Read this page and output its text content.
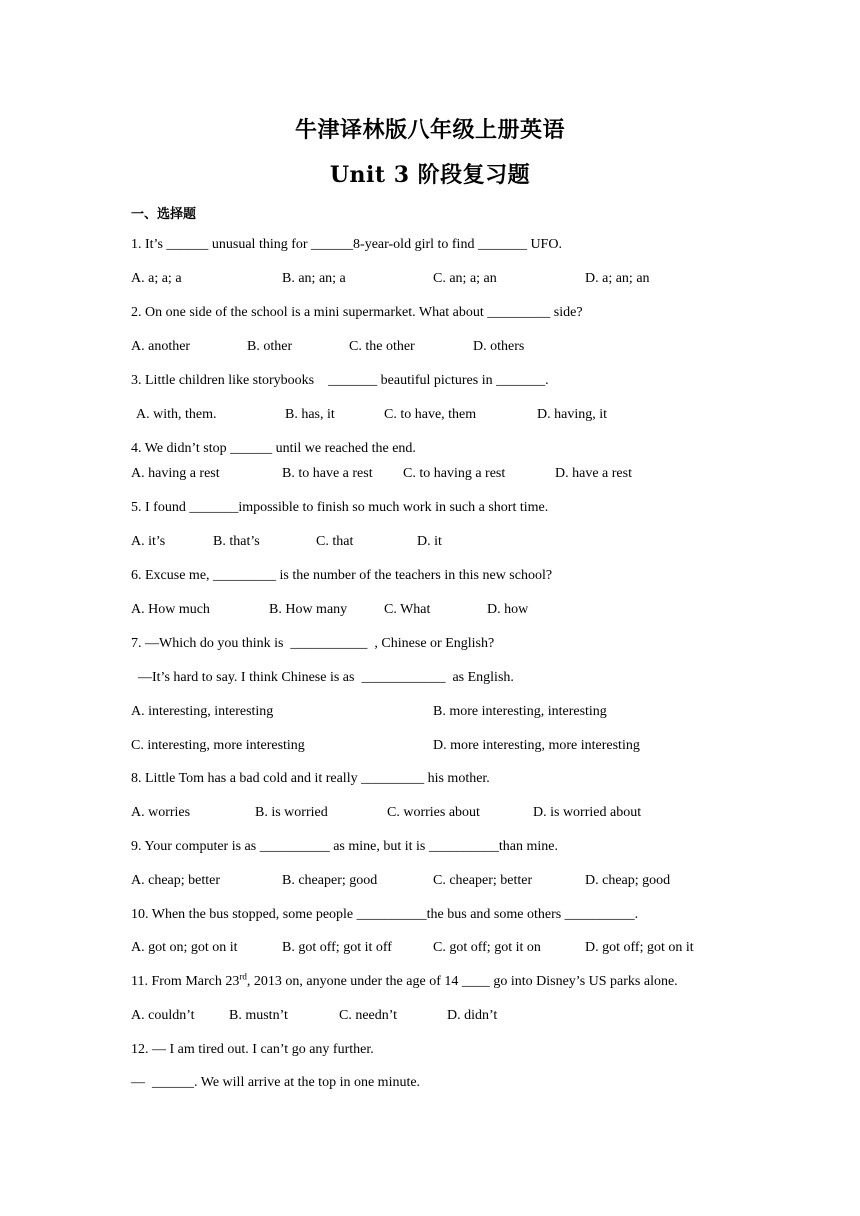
牛津译林版八年级上册英语
Unit 3 阶段复习题
一、选择题
1. It’s ______ unusual thing for ______8-year-old girl to find _______ UFO.
A. a; a; a	B. an; an; a	C. an; a; an	D. a; an; an
2. On one side of the school is a mini supermarket. What about _________ side?
A. another	B. other	C. the other	D. others
3. Little children like storybooks    _______ beautiful pictures in _______.
A. with, them.	B. has, it	C. to have, them	D. having, it
4. We didn’t stop ______ until we reached the end.
A. having a rest	B. to have a rest C. to having a rest	D. have a rest
5. I found _______impossible to finish so much work in such a short time.
A. it’s	B. that’s	C. that	D. it
6. Excuse me, _________ is the number of the teachers in this new school?
A. How much	B. How many	C. What	D. how
7. —Which do you think is  ___________  , Chinese or English?
—It’s hard to say. I think Chinese is as  ____________  as English.
A. interesting, interesting	B. more interesting, interesting
C. interesting, more interesting	D. more interesting, more interesting
8. Little Tom has a bad cold and it really _________ his mother.
A. worries	B. is worried	C. worries about	D. is worried about
9. Your computer is as __________ as mine, but it is __________than mine.
A. cheap; better	B. cheaper; good	C. cheaper; better	D. cheap; good
10. When the bus stopped, some people __________the bus and some others __________.
A. got on; got on it	B. got off; got it off	C. got off; got it on	D. got off; got on it
11. From March 23rd, 2013 on, anyone under the age of 14 ____ go into Disney’s US parks alone.
A. couldn’t B. mustn’t	C. needn’t	D. didn’t
12. — I am tired out. I can’t go any further.
—  ______. We will arrive at the top in one minute.
